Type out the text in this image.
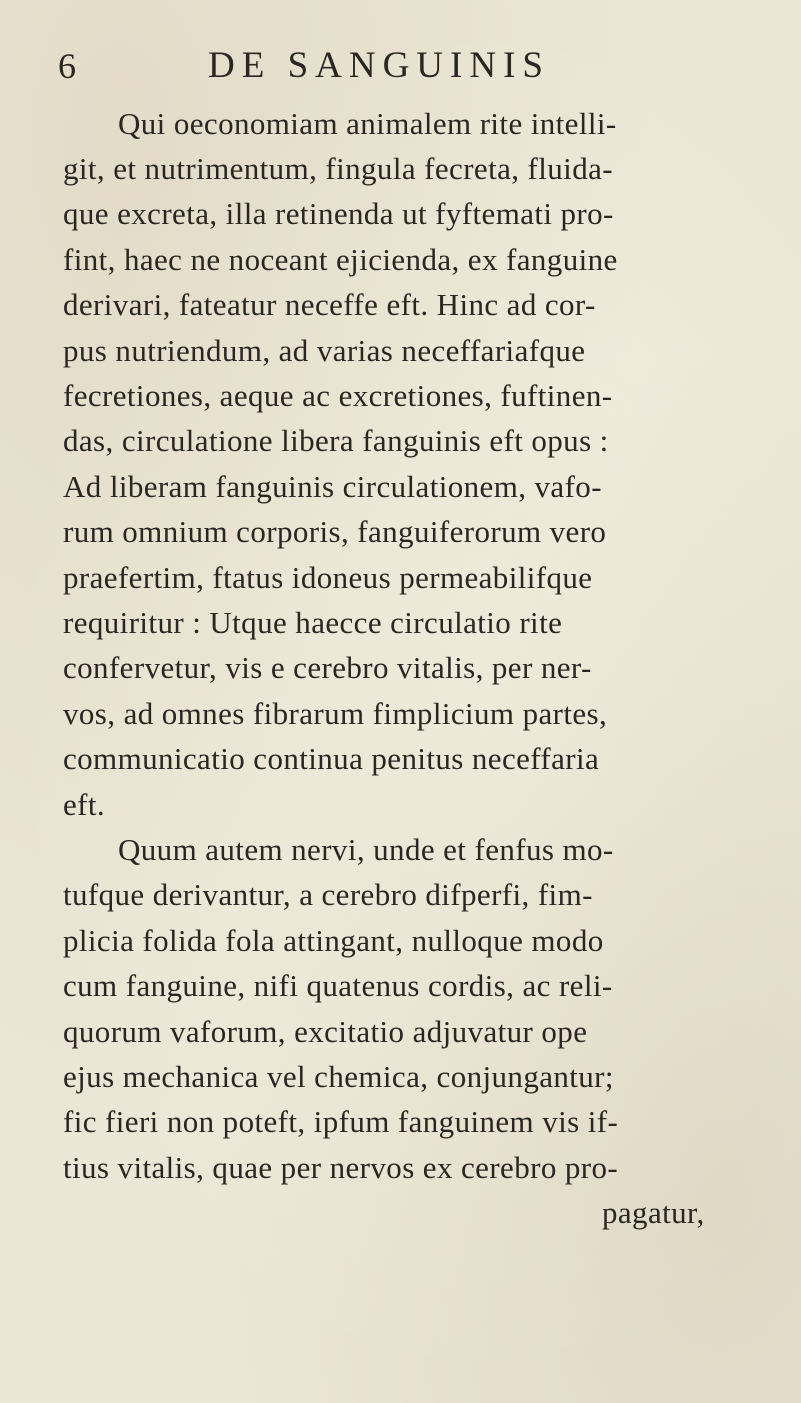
6	DE SANGUINIS
Qui oeconomiam animalem rite intelli-
git, et nutrimentum, fingula fecreta, fluida-
que excreta, illa retinenda ut fyftemati pro-
fint, haec ne noceant ejicienda, ex fanguine
derivari, fateatur neceffe eft. Hinc ad cor-
pus nutriendum, ad varias neceffariafque
fecretiones, aeque ac excretiones, fuftinen-
das, circulatione libera fanguinis eft opus :
Ad liberam fanguinis circulationem, vafo-
rum omnium corporis, fanguiferorum vero
praefertim, ftatus idoneus permeabilifque
requiritur : Utque haecce circulatio rite
confervetur, vis e cerebro vitalis, per ner-
vos, ad omnes fibrarum fimplicium partes,
communicatio continua penitus neceffaria
eft.
Quum autem nervi, unde et fenfus mo-
tufque derivantur, a cerebro difperfi, fim-
plicia folida fola attingant, nulloque modo
cum fanguine, nifi quatenus cordis, ac reli-
quorum vaforum, excitatio adjuvatur ope
ejus mechanica vel chemica, conjungantur;
fic fieri non poteft, ipfum fanguinem vis if-
tius vitalis, quae per nervos ex cerebro pro-
pagatur,
